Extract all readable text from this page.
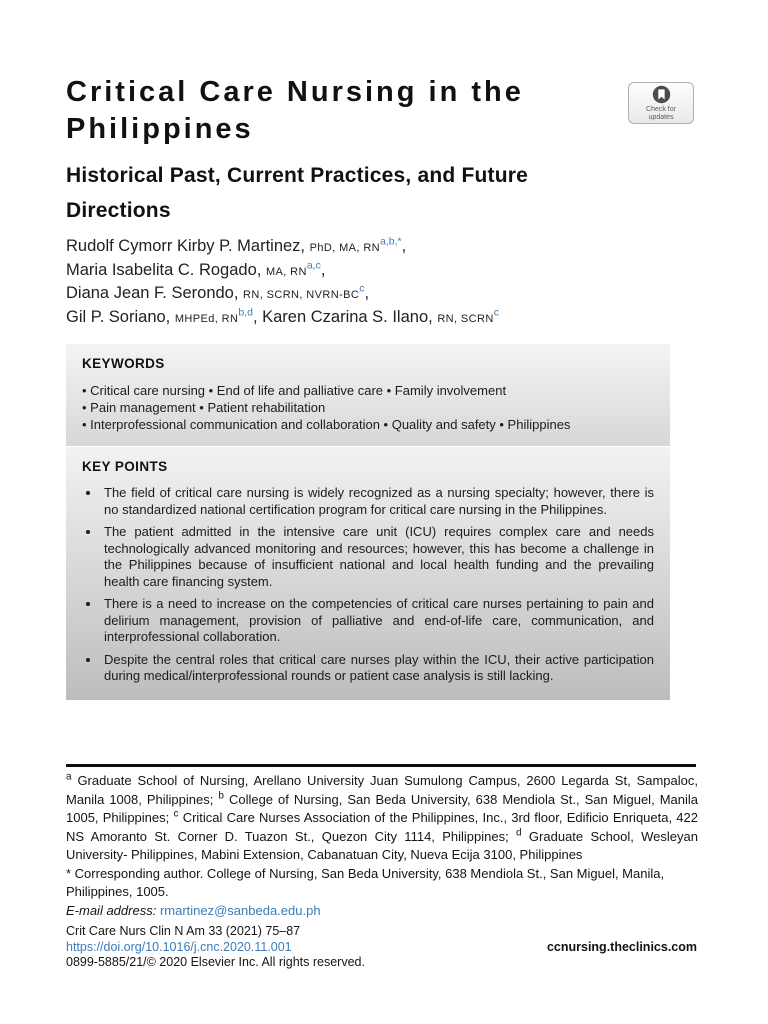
Critical Care Nursing in the Philippines
Historical Past, Current Practices, and Future Directions
Check for
updates
Rudolf Cymorr Kirby P. Martinez, PhD, MA, $RN^{a,b,*}$,
Maria Isabelita C. Rogado, MA, RN$^{a,c}$,
Diana Jean F. Serondo, RN, SCRN, NVRN-$BC^c$,
Gil P. Soriano, MHPEd, RN$^{b,d}$, Karen Czarina S. Ilano, RN, SCRN$^c$

KEYWORDS

• Critical care nursing • End of life and palliative care • Family involvement
• Pain management • Patient rehabilitation
• Interprofessional communication and collaboration • Quality and safety • Philippines

KEY POINTS

• The field of critical care nursing is widely recognized as a nursing specialty; however, there is no standardized national certification program for critical care nursing in the Philippines.
• The patient admitted in the intensive care unit (ICU) requires complex care and needs technologically advanced monitoring and resources; however, this has become a challenge in the Philippines because of insufficient national and local health funding and the prevailing health care financing system.
• There is a need to increase on the competencies of critical care nurses pertaining to pain and delirium management, provision of palliative and end-of-life care, communication, and interprofessional collaboration.
• Despite the central roles that critical care nurses play within the ICU, their active participation during medical/interprofessional rounds or patient case analysis is still lacking.

$^a$ Graduate School of Nursing, Arellano University Juan Sumulong Campus, 2600 Legarda St, Sampaloc, Manila 1008, Philippines; $^b$ College of Nursing, San Beda University, 638 Mendiola St., San Miguel, Manila 1005, Philippines; $^c$ Critical Care Nurses Association of the Philippines, Inc., 3rd floor, Edificio Enriqueta, 422 NS Amoranto St. Corner D. Tuazon St., Quezon City 1114, Philippines; $^d$ Graduate School, Wesleyan University- Philippines, Mabini Extension, Cabanatuan City, Nueva Ecija 3100, Philippines

* Corresponding author. College of Nursing, San Beda University, 638 Mendiola St., San Miguel, Manila, Philippines, 1005.

E-mail address: rmartinez@sanbeda.edu.ph

Crit Care Nurs Clin N Am 33 (2021) 75–87
https://doi.org/10.1016/j.cnc.2020.11.001	ccnursing.theclinics.com
0899-5885/21/© 2020 Elsevier Inc. All rights reserved.
